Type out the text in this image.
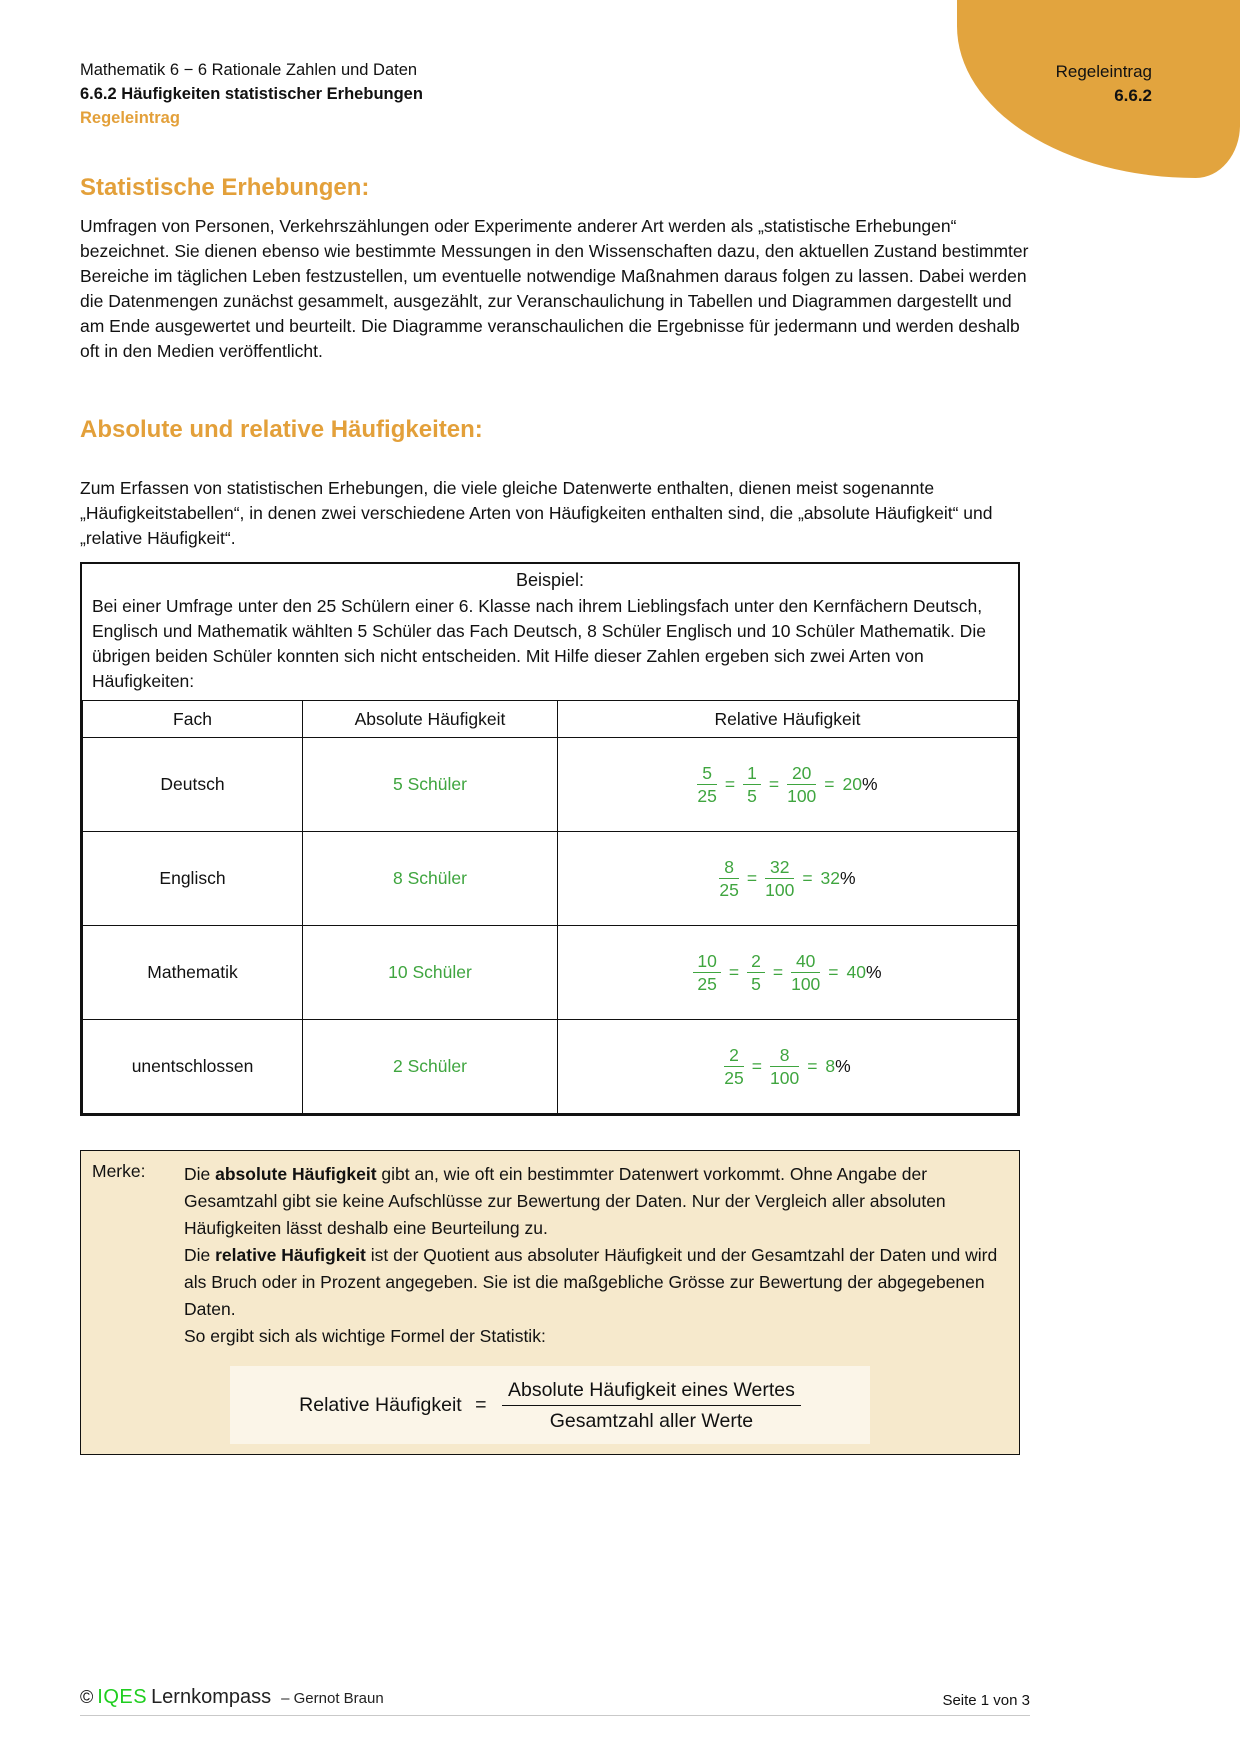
Regeleintrag
6.6.2
Mathematik 6 − 6 Rationale Zahlen und Daten
6.6.2 Häufigkeiten statistischer Erhebungen
Regeleintrag
Statistische Erhebungen:

Umfragen von Personen, Verkehrszählungen oder Experimente anderer Art werden als „statistische Erhebungen“ bezeichnet. Sie dienen ebenso wie bestimmte Messungen in den Wissenschaften dazu, den aktuellen Zustand bestimmter Bereiche im täglichen Leben festzustellen, um eventuelle notwendige Maßnahmen daraus folgen zu lassen. Dabei werden die Datenmengen zunächst gesammelt, ausgezählt, zur Veranschaulichung in Tabellen und Diagrammen dargestellt und am Ende ausgewertet und beurteilt. Die Diagramme veranschaulichen die Ergebnisse für jedermann und werden deshalb oft in den Medien veröffentlicht.

Absolute und relative Häufigkeiten:

Zum Erfassen von statistischen Erhebungen, die viele gleiche Datenwerte enthalten, dienen meist sogenannte „Häufigkeitstabellen“, in denen zwei verschiedene Arten von Häufigkeiten enthalten sind, die „absolute Häufigkeit“ und „relative Häufigkeit“.

Beispiel:
Bei einer Umfrage unter den 25 Schülern einer 6. Klasse nach ihrem Lieblingsfach unter den Kernfächern Deutsch, Englisch und Mathematik wählten 5 Schüler das Fach Deutsch, 8 Schüler Englisch und 10 Schüler Mathematik. Die übrigen beiden Schüler konnten sich nicht entscheiden. Mit Hilfe dieser Zahlen ergeben sich zwei Arten von Häufigkeiten:
Fach	Absolute Häufigkeit	Relative Häufigkeit
Deutsch	5 Schüler	$\frac{5}{25} = \frac{1}{5} = \frac{20}{100} = 20\%$
Englisch	8 Schüler	$\frac{8}{25} = \frac{32}{100} = 32\%$
Mathematik	10 Schüler	$\frac{10}{25} = \frac{2}{5} = \frac{40}{100} = 40\%$
unentschlossen	2 Schüler	$\frac{2}{25} = \frac{8}{100} = 8\%$
Merke: Die absolute Häufigkeit gibt an, wie oft ein bestimmter Datenwert vorkommt. Ohne Angabe der Gesamtzahl gibt sie keine Aufschlüsse zur Bewertung der Daten. Nur der Vergleich aller absoluten Häufigkeiten lässt deshalb eine Beurteilung zu.
Die relative Häufigkeit ist der Quotient aus absoluter Häufigkeit und der Gesamtzahl der Daten und wird als Bruch oder in Prozent angegeben. Sie ist die maßgebliche Grösse zur Bewertung der abgegebenen Daten.
So ergibt sich als wichtige Formel der Statistik:
Relative Häufigkeit = $\frac{\text{Absolute Häufigkeit eines Wertes}}{\text{Gesamtzahl aller Werte}}$
© IQES Lernkompass – Gernot Braun	Seite 1 von 3
